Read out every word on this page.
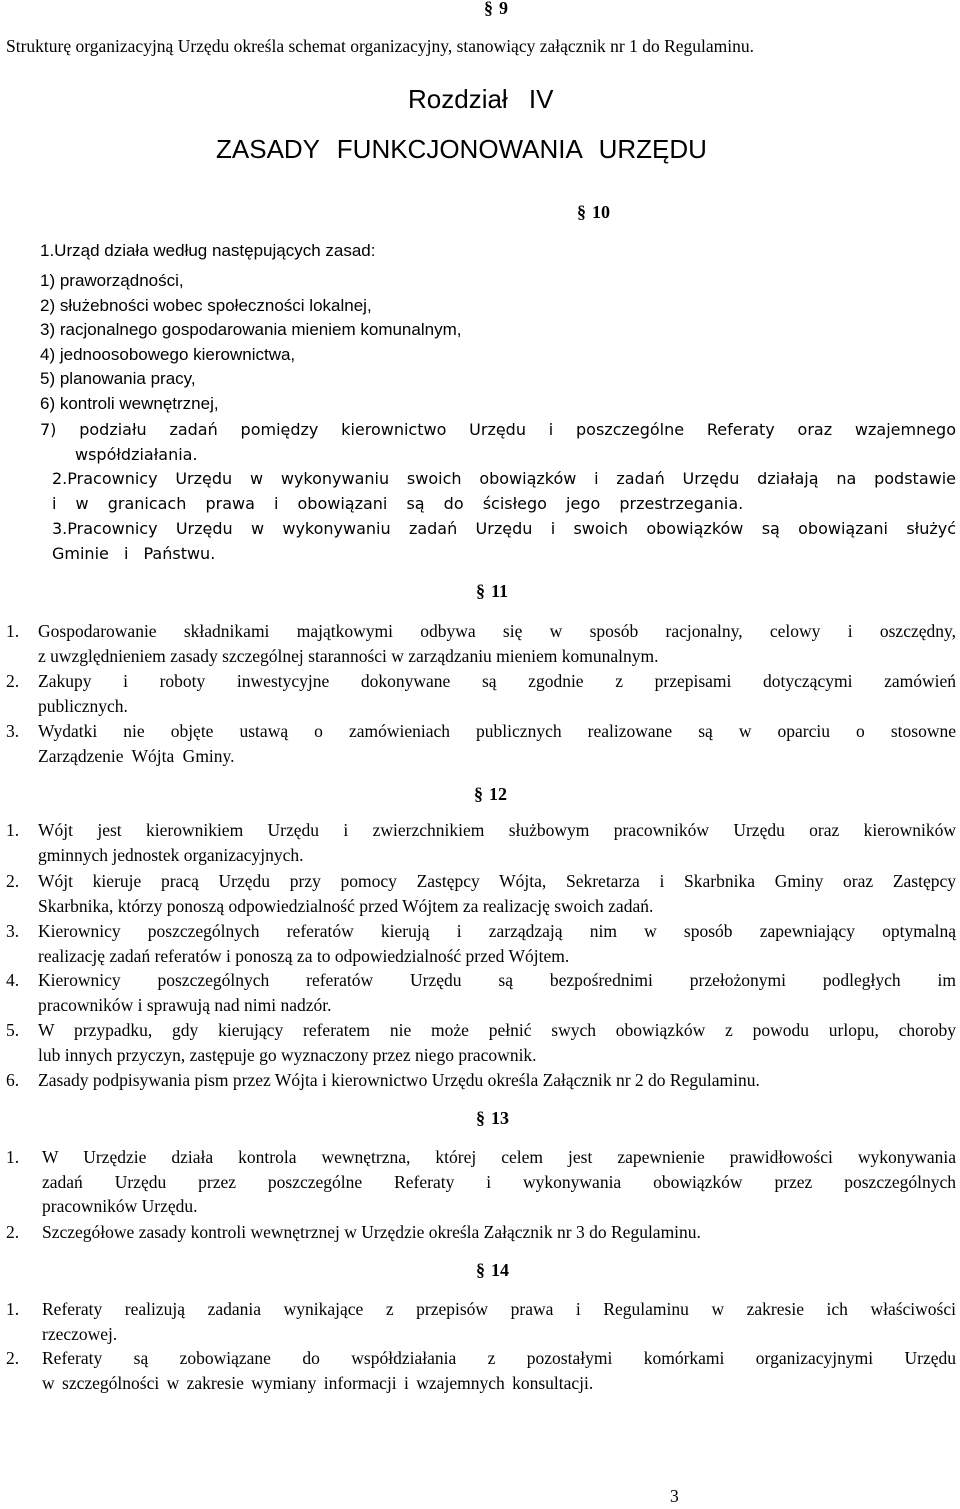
§ 9
Strukturę organizacyjną Urzędu określa schemat organizacyjny, stanowiący załącznik nr 1 do Regulaminu.
Rozdział IV
ZASADY FUNKCJONOWANIA URZĘDU
§ 10
1.Urząd działa według następujących zasad:
1) praworządności,
2) służebności wobec społeczności lokalnej,
3) racjonalnego gospodarowania mieniem komunalnym,
4) jednoosobowego kierownictwa,
5) planowania pracy,
6) kontroli wewnętrznej,
7) podziału zadań pomiędzy kierownictwo Urzędu i poszczególne Referaty oraz wzajemnego
współdziałania.
2.Pracownicy Urzędu w wykonywaniu swoich obowiązków i zadań Urzędu działają na podstawie
i w granicach prawa i obowiązani są do ścisłego jego przestrzegania.
3.Pracownicy Urzędu w wykonywaniu zadań Urzędu i swoich obowiązków są obowiązani służyć
Gminie i Państwu.
§ 11
1. Gospodarowanie składnikami majątkowymi odbywa się w sposób racjonalny, celowy i oszczędny,
z uwzględnieniem zasady szczególnej staranności w zarządzaniu mieniem komunalnym.
2. Zakupy i roboty inwestycyjne dokonywane są zgodnie z przepisami dotyczącymi zamówień
publicznych.
3. Wydatki nie objęte ustawą o zamówieniach publicznych realizowane są w oparciu o stosowne
Zarządzenie Wójta Gminy.
§ 12
1. Wójt jest kierownikiem Urzędu i zwierzchnikiem służbowym pracowników Urzędu oraz kierowników
gminnych jednostek organizacyjnych.
2. Wójt kieruje pracą Urzędu przy pomocy Zastępcy Wójta, Sekretarza i Skarbnika Gminy oraz Zastępcy
Skarbnika, którzy ponoszą odpowiedzialność przed Wójtem za realizację swoich zadań.
3. Kierownicy poszczególnych referatów kierują i zarządzają nim w sposób zapewniający optymalną
realizację zadań referatów i ponoszą za to odpowiedzialność przed Wójtem.
4. Kierownicy poszczególnych referatów Urzędu są bezpośrednimi przełożonymi podległych im
pracowników i sprawują nad nimi nadzór.
5. W przypadku, gdy kierujący referatem nie może pełnić swych obowiązków z powodu urlopu, choroby
lub innych przyczyn, zastępuje go wyznaczony przez niego pracownik.
6. Zasady podpisywania pism przez Wójta i kierownictwo Urzędu określa Załącznik nr 2 do Regulaminu.
§ 13
1. W Urzędzie działa kontrola wewnętrzna, której celem jest zapewnienie prawidłowości wykonywania
zadań Urzędu przez poszczególne Referaty i wykonywania obowiązków przez poszczególnych
pracowników Urzędu.
2. Szczegółowe zasady kontroli wewnętrznej w Urzędzie określa Załącznik nr 3 do Regulaminu.
§ 14
1. Referaty realizują zadania wynikające z przepisów prawa i Regulaminu w zakresie ich właściwości
rzeczowej.
2. Referaty są zobowiązane do współdziałania z pozostałymi komórkami organizacyjnymi Urzędu
w szczególności w zakresie wymiany informacji i wzajemnych konsultacji.
3
